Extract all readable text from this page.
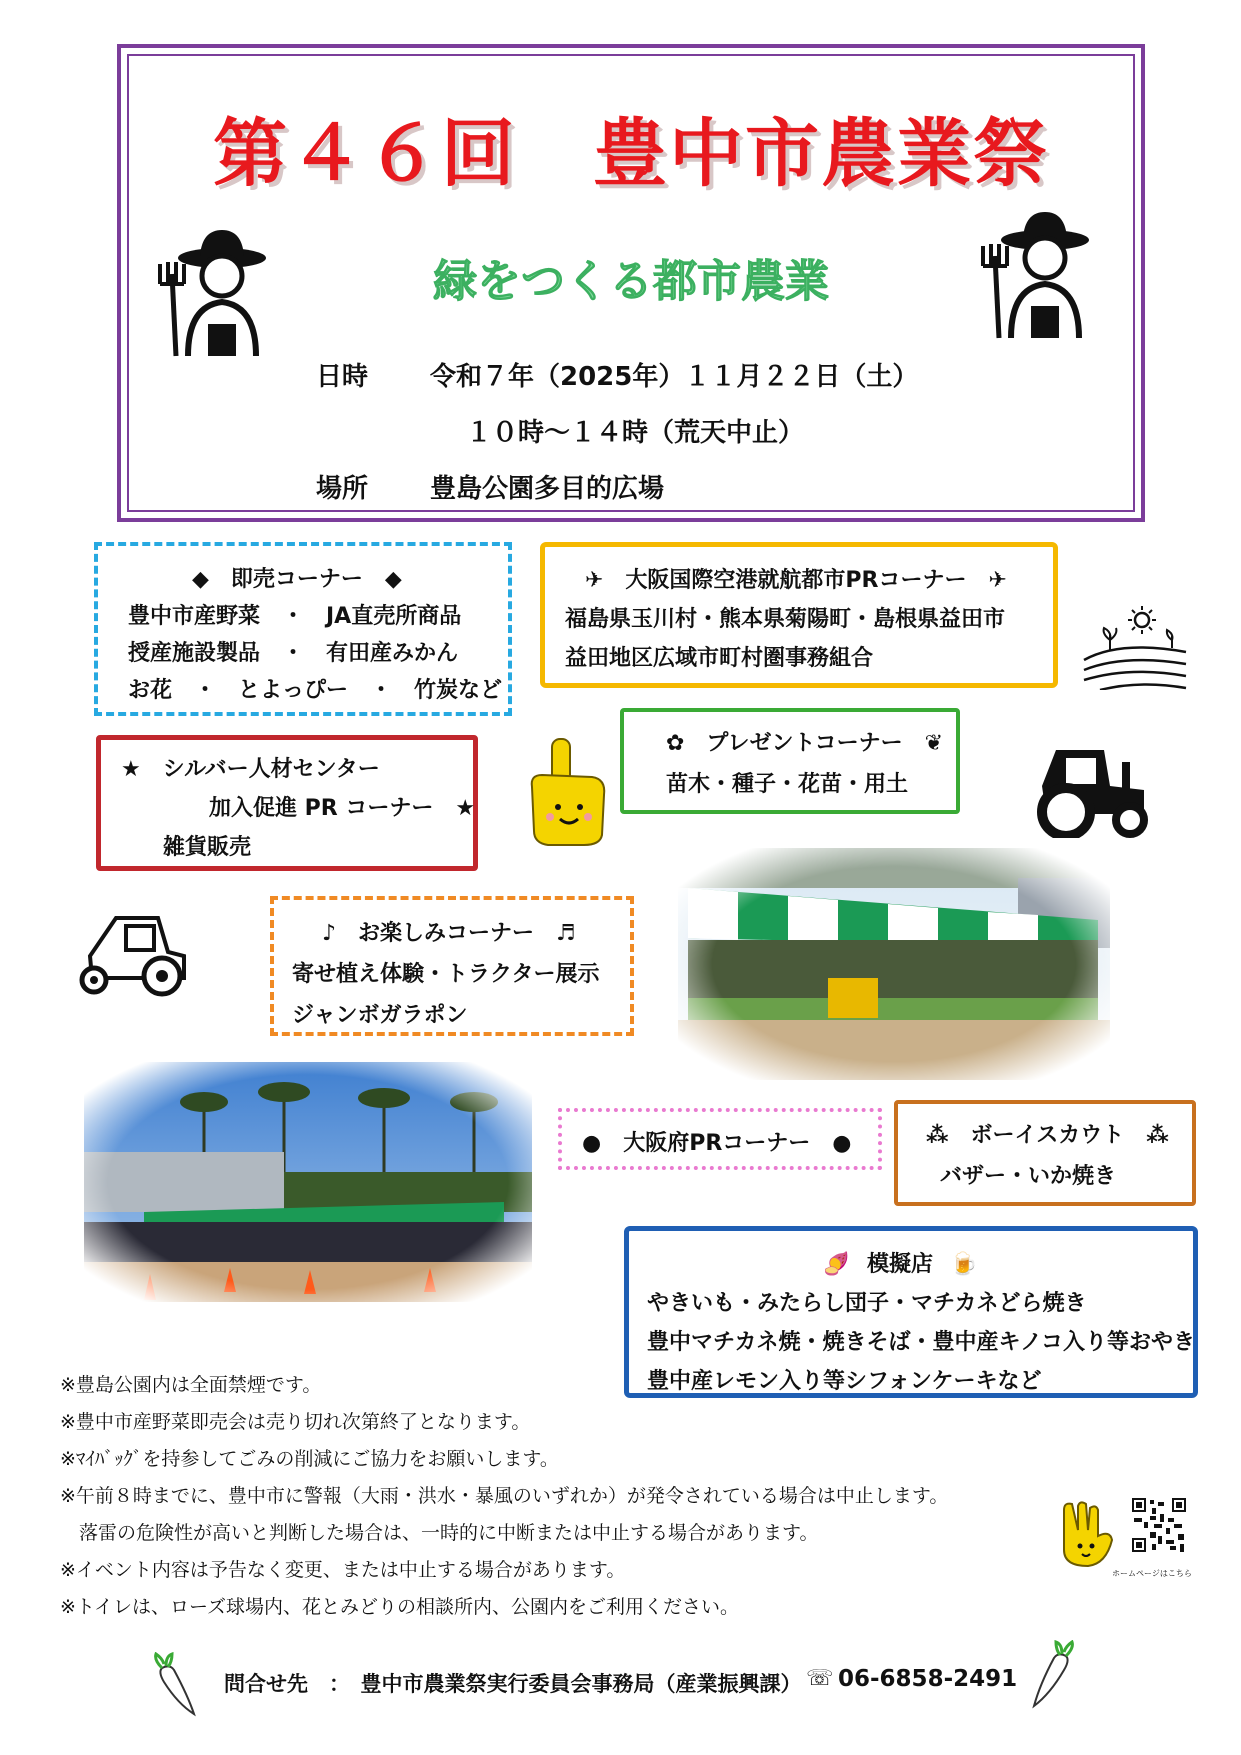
第４６回　豊中市農業祭
緑をつくる都市農業
日時 令和７年（2025年）１１月２２日（土）
１０時～１４時（荒天中止）
場所 豊島公園多目的広場
◆　即売コーナー　◆
豊中市産野菜　・　JA直売所商品
授産施設製品　・　有田産みかん
お花　・　とよっぴー　・　竹炭など
✈　大阪国際空港就航都市PRコーナー　✈
福島県玉川村・熊本県菊陽町・島根県益田市
益田地区広域市町村圏事務組合
✿　プレゼントコーナー　❦
苗木・種子・花苗・用土
★　シルバー人材センター
加入促進 PR コーナー　★
雑貨販売
♪　お楽しみコーナー　♬
寄せ植え体験・トラクター展示
ジャンボガラポン
●　大阪府PRコーナー　●	⁂　ボーイスカウト　⁂
バザー・いか焼き
🍠 模擬店 🍺
やきいも・みたらし団子・マチカネどら焼き
豊中マチカネ焼・焼きそば・豊中産キノコ入り等おやき
豊中産レモン入り等シフォンケーキなど
※豊島公園内は全面禁煙です。
※豊中市産野菜即売会は売り切れ次第終了となります。
※ﾏｲﾊﾞｯｸﾞを持参してごみの削減にご協力をお願いします。
※午前８時までに、豊中市に警報（大雨・洪水・暴風のいずれか）が発令されている場合は中止します。
　落雷の危険性が高いと判断した場合は、一時的に中断または中止する場合があります。
※イベント内容は予告なく変更、または中止する場合があります。
※トイレは、ローズ球場内、花とみどりの相談所内、公園内をご利用ください。
ホームページはこちら
問合せ先　：　豊中市農業祭実行委員会事務局（産業振興課） ☏ 06-6858-2491
